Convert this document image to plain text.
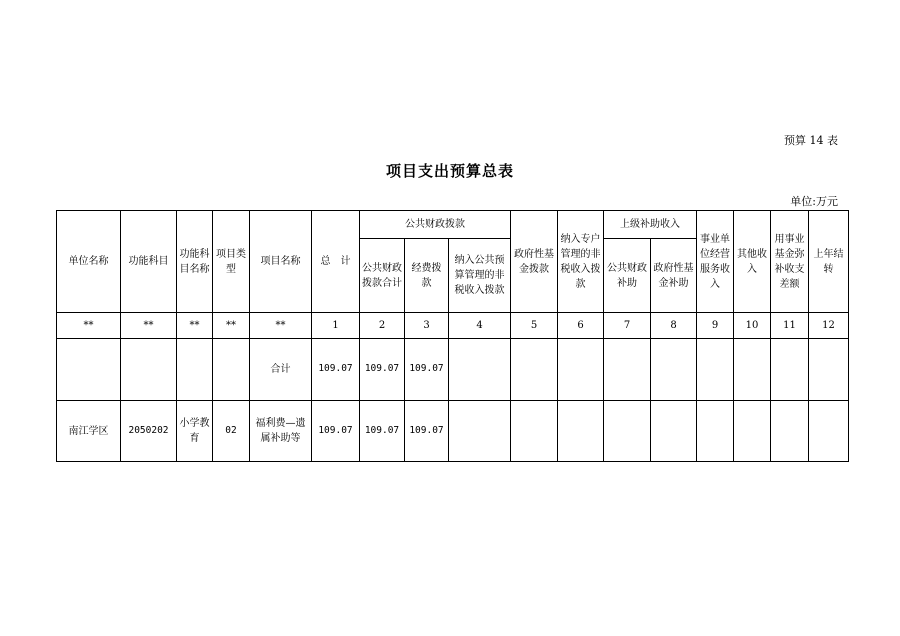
预算 14 表
项目支出预算总表
单位:万元
单位名称	功能科目	功能科目名称	项目类型	项目名称	总　计	公共财政拨款			政府性基金拨款	纳入专户管理的非税收入拨款	上级补助收入		事业单位经营服务收入	其他收入	用事业基金弥补收支差额	上年结转
						公共财政拨款合计	经费拨款	纳入公共预算管理的非税收入拨款			公共财政补助	政府性基金补助				
**	**	**	**	**	1	2	3	4	5	6	7	8	9	10	11	12
				合计	109.07	109.07	109.07									
南江学区	2050202	小学教育	02	福利费—遗属补助等	109.07	109.07	109.07									
